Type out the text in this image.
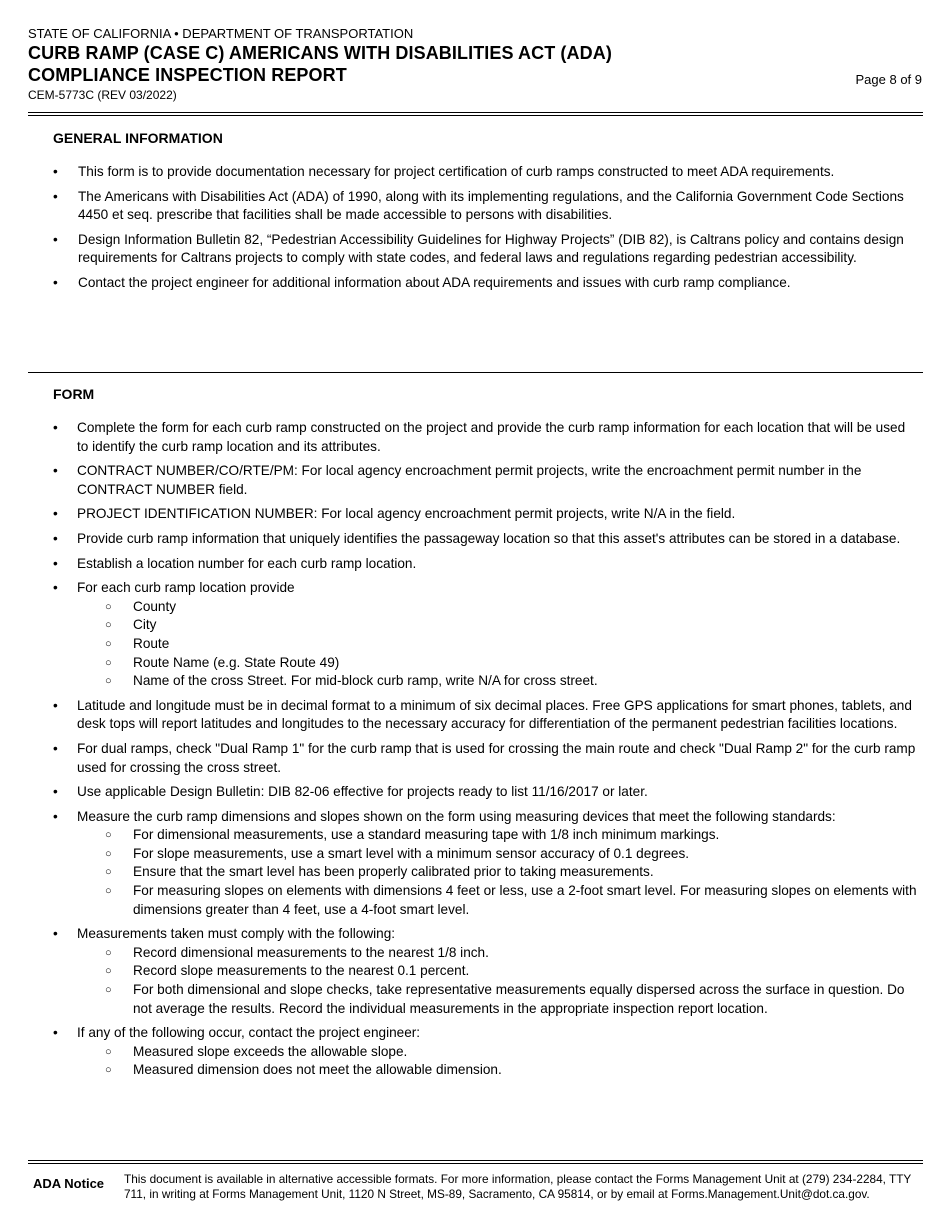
STATE OF CALIFORNIA • DEPARTMENT OF TRANSPORTATION
CURB RAMP (CASE C) AMERICANS WITH DISABILITIES ACT (ADA)
COMPLIANCE INSPECTION REPORT
CEM-5773C (REV 03/2022)
Page 8 of 9
GENERAL INFORMATION
• This form is to provide documentation necessary for project certification of curb ramps constructed to meet ADA requirements.
• The Americans with Disabilities Act (ADA) of 1990, along with its implementing regulations, and the California Government Code Sections 4450 et seq. prescribe that facilities shall be made accessible to persons with disabilities.
• Design Information Bulletin 82, “Pedestrian Accessibility Guidelines for Highway Projects” (DIB 82), is Caltrans policy and contains design requirements for Caltrans projects to comply with state codes, and federal laws and regulations regarding pedestrian accessibility.
• Contact the project engineer for additional information about ADA requirements and issues with curb ramp compliance.
FORM
• Complete the form for each curb ramp constructed on the project and provide the curb ramp information for each location that will be used to identify the curb ramp location and its attributes.
• CONTRACT NUMBER/CO/RTE/PM: For local agency encroachment permit projects, write the encroachment permit number in the CONTRACT NUMBER field.
• PROJECT IDENTIFICATION NUMBER: For local agency encroachment permit projects, write N/A in the field.
• Provide curb ramp information that uniquely identifies the passageway location so that this asset's attributes can be stored in a database.
• Establish a location number for each curb ramp location.
• For each curb ramp location provide
○ County
○ City
○ Route
○ Route Name (e.g. State Route 49)
○ Name of the cross Street. For mid-block curb ramp, write N/A for cross street.
• Latitude and longitude must be in decimal format to a minimum of six decimal places. Free GPS applications for smart phones, tablets, and desk tops will report latitudes and longitudes to the necessary accuracy for differentiation of the permanent pedestrian facilities locations.
• For dual ramps, check "Dual Ramp 1" for the curb ramp that is used for crossing the main route and check "Dual Ramp 2" for the curb ramp used for crossing the cross street.
• Use applicable Design Bulletin: DIB 82-06 effective for projects ready to list 11/16/2017 or later.
• Measure the curb ramp dimensions and slopes shown on the form using measuring devices that meet the following standards:
○ For dimensional measurements, use a standard measuring tape with 1/8 inch minimum markings.
○ For slope measurements, use a smart level with a minimum sensor accuracy of 0.1 degrees.
○ Ensure that the smart level has been properly calibrated prior to taking measurements.
○ For measuring slopes on elements with dimensions 4 feet or less, use a 2-foot smart level. For measuring slopes on elements with dimensions greater than 4 feet, use a 4-foot smart level.
• Measurements taken must comply with the following:
○ Record dimensional measurements to the nearest 1/8 inch.
○ Record slope measurements to the nearest 0.1 percent.
○ For both dimensional and slope checks, take representative measurements equally dispersed across the surface in question. Do not average the results. Record the individual measurements in the appropriate inspection report location.
• If any of the following occur, contact the project engineer:
○ Measured slope exceeds the allowable slope.
○ Measured dimension does not meet the allowable dimension.
ADA Notice This document is available in alternative accessible formats. For more information, please contact the Forms Management Unit at (279) 234-2284, TTY 711, in writing at Forms Management Unit, 1120 N Street, MS-89, Sacramento, CA 95814, or by email at Forms.Management.Unit@dot.ca.gov.
